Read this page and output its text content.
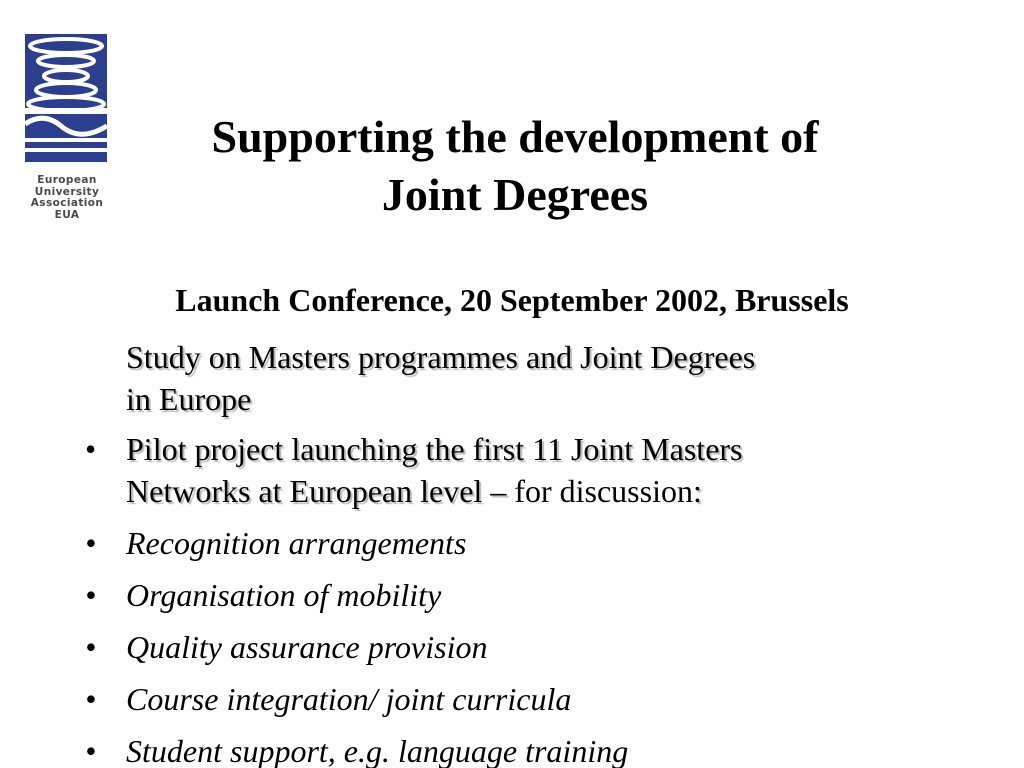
European
University
Association
EUA
Supporting the development of
Joint Degrees
Launch Conference, 20 September 2002, Brussels
Study on Masters programmes and Joint Degrees
in Europe
• Pilot project launching the first 11 Joint Masters
Networks at European level – for discussion:
• Recognition arrangements
• Organisation of mobility
• Quality assurance provision
• Course integration/ joint curricula
• Student support, e.g. language training
